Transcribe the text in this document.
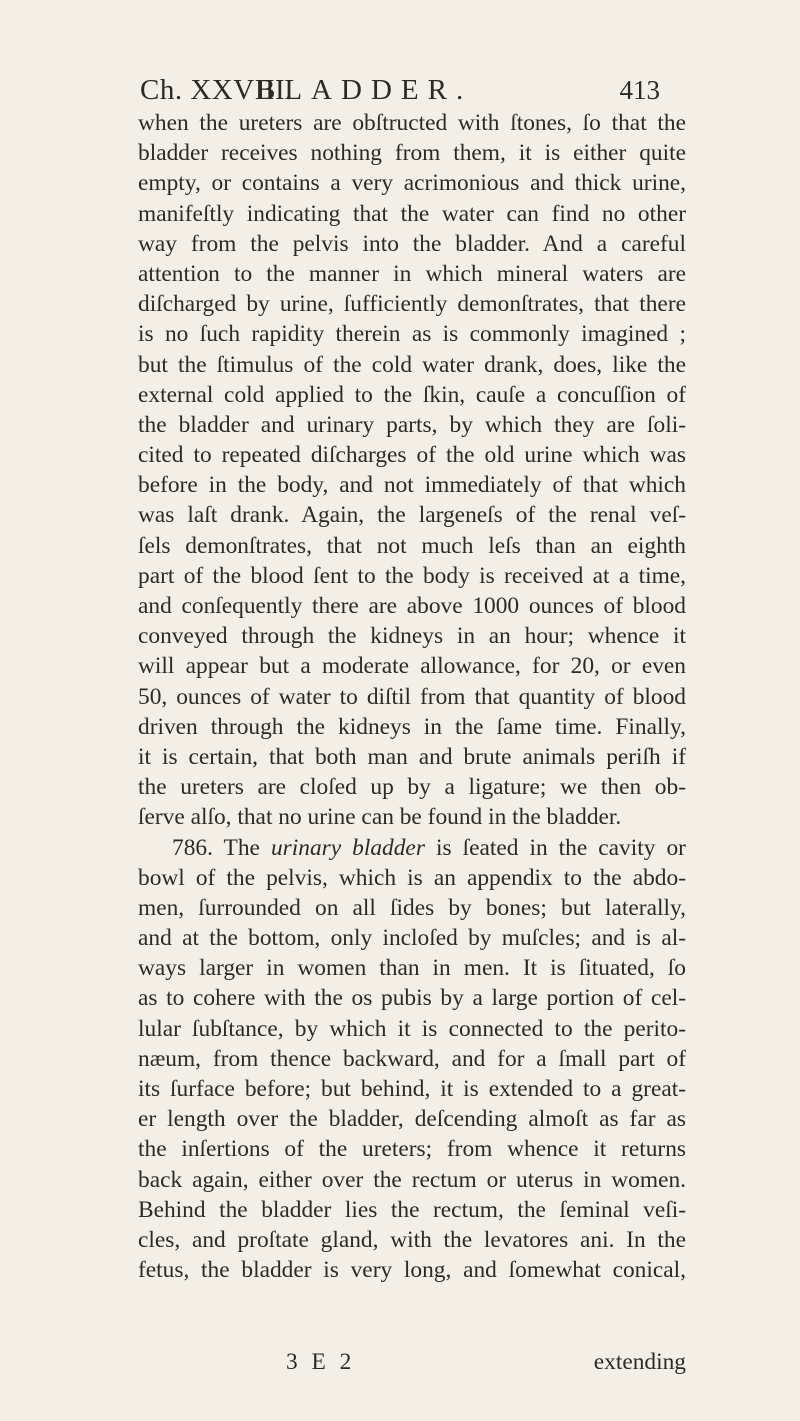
Ch. XXVIII.
BLADDER.	413
when the ureters are obſtructed with ſtones, ſo that the
bladder receives nothing from them, it is either quite
empty, or contains a very acrimonious and thick urine,
manifeſtly indicating that the water can find no other
way from the pelvis into the bladder. And a careful
attention to the manner in which mineral waters are
diſcharged by urine, ſufficiently demonſtrates, that there
is no ſuch rapidity therein as is commonly imagined ;
but the ſtimulus of the cold water drank, does, like the
external cold applied to the ſkin, cauſe a concuſſion of
the bladder and urinary parts, by which they are ſoli-
cited to repeated diſcharges of the old urine which was
before in the body, and not immediately of that which
was laſt drank. Again, the largeneſs of the renal veſ-
ſels demonſtrates, that not much leſs than an eighth
part of the blood ſent to the body is received at a time,
and conſequently there are above 1000 ounces of blood
conveyed through the kidneys in an hour; whence it
will appear but a moderate allowance, for 20, or even
50, ounces of water to diſtil from that quantity of blood
driven through the kidneys in the ſame time. Finally,
it is certain, that both man and brute animals periſh if
the ureters are cloſed up by a ligature; we then ob-
ſerve alſo, that no urine can be found in the bladder.
786. The urinary bladder is ſeated in the cavity or
bowl of the pelvis, which is an appendix to the abdo-
men, ſurrounded on all ſides by bones; but laterally,
and at the bottom, only incloſed by muſcles; and is al-
ways larger in women than in men. It is ſituated, ſo
as to cohere with the os pubis by a large portion of cel-
lular ſubſtance, by which it is connected to the perito-
næum, from thence backward, and for a ſmall part of
its ſurface before; but behind, it is extended to a great-
er length over the bladder, deſcending almoſt as far as
the inſertions of the ureters; from whence it returns
back again, either over the rectum or uterus in women.
Behind the bladder lies the rectum, the ſeminal veſi-
cles, and proſtate gland, with the levatores ani. In the
fetus, the bladder is very long, and ſomewhat conical,
3 E 2	extending
